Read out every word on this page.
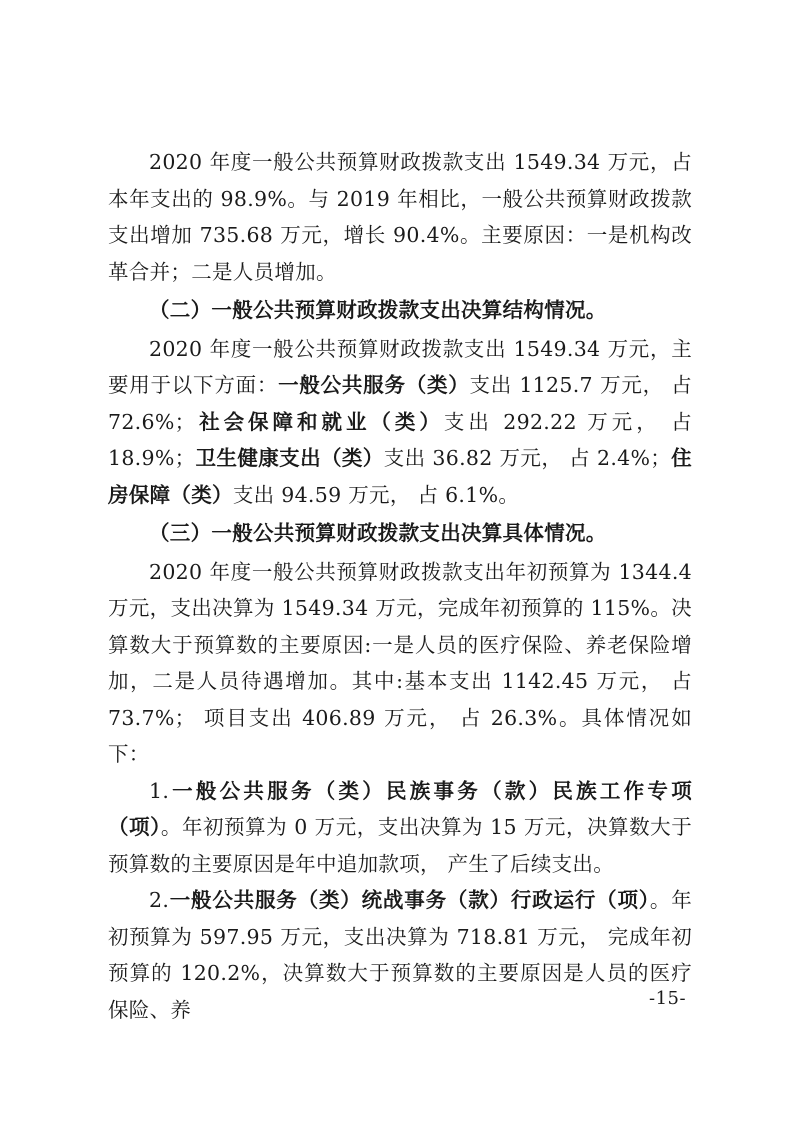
2020 年度一般公共预算财政拨款支出 1549.34 万元，占本年支出的 98.9%。与 2019 年相比，一般公共预算财政拨款支出增加 735.68 万元，增长 90.4%。主要原因：一是机构改革合并；二是人员增加。

（二）一般公共预算财政拨款支出决算结构情况。

2020 年度一般公共预算财政拨款支出 1549.34 万元，主要用于以下方面：一般公共服务（类）支出 1125.7 万元， 占 72.6%；社会保障和就业（类）支出 292.22 万元， 占 18.9%；卫生健康支出（类）支出 36.82 万元， 占 2.4%；住房保障（类）支出 94.59 万元， 占 6.1%。

（三）一般公共预算财政拨款支出决算具体情况。

2020 年度一般公共预算财政拨款支出年初预算为 1344.4 万元，支出决算为 1549.34 万元，完成年初预算的 115%。决算数大于预算数的主要原因:一是人员的医疗保险、养老保险增加，二是人员待遇增加。其中:基本支出 1142.45 万元， 占 73.7%； 项目支出 406.89 万元， 占 26.3%。具体情况如下：

1.一般公共服务（类）民族事务（款）民族工作专项（项）。年初预算为 0 万元，支出决算为 15 万元，决算数大于预算数的主要原因是年中追加款项， 产生了后续支出。

2.一般公共服务（类）统战事务（款）行政运行（项）。年初预算为 597.95 万元，支出决算为 718.81 万元， 完成年初预算的 120.2%，决算数大于预算数的主要原因是人员的医疗保险、养	-15-
